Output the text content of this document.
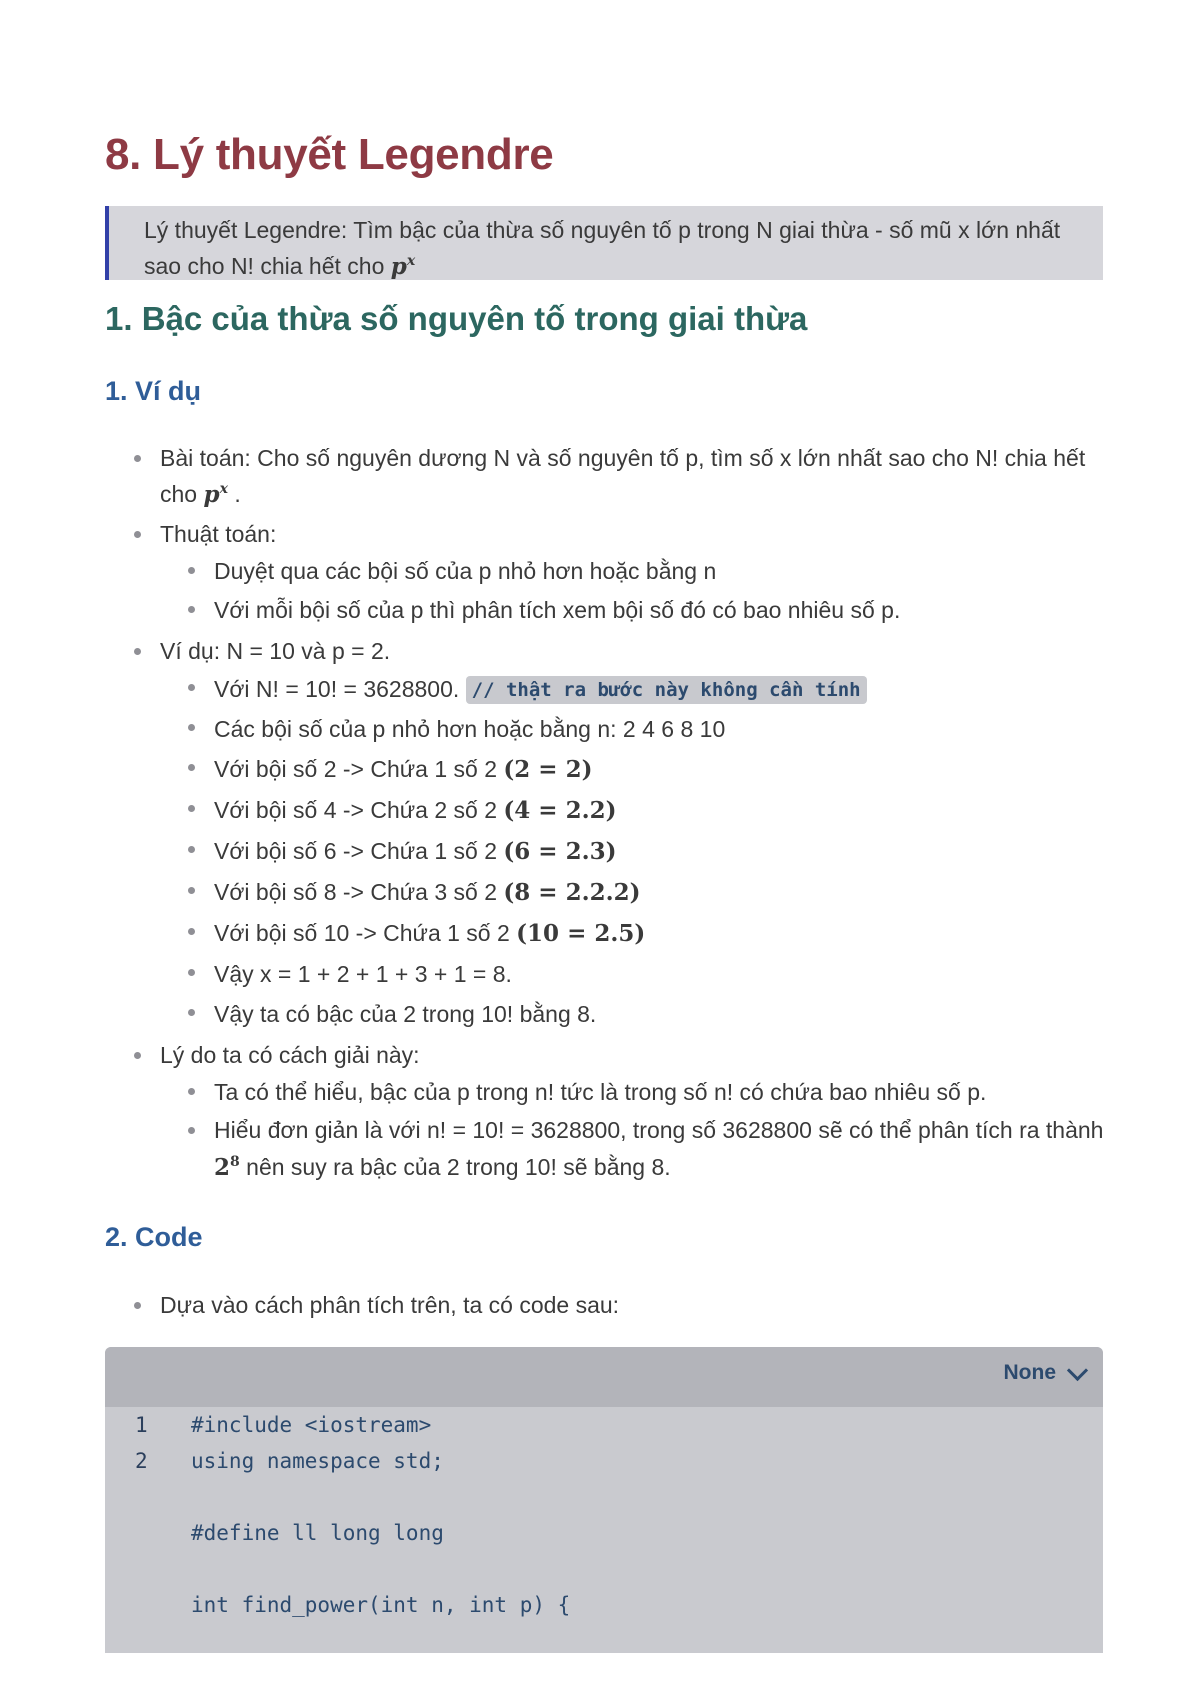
8. Lý thuyết Legendre
Lý thuyết Legendre: Tìm bậc của thừa số nguyên tố p trong N giai thừa - số mũ x lớn nhất sao cho N! chia hết cho $p^x$
1. Bậc của thừa số nguyên tố trong giai thừa
1. Ví dụ
Bài toán: Cho số nguyên dương N và số nguyên tố p, tìm số x lớn nhất sao cho N! chia hết cho $p^x$ .
Thuật toán:
Duyệt qua các bội số của p nhỏ hơn hoặc bằng n
Với mỗi bội số của p thì phân tích xem bội số đó có bao nhiêu số p.
Ví dụ: N = 10 và p = 2.
Với N! = 10! = 3628800. // thật ra bước này không cần tính
Các bội số của p nhỏ hơn hoặc bằng n: 2 4 6 8 10
Với bội số 2 -> Chứa 1 số 2 (2 = 2)
Với bội số 4 -> Chứa 2 số 2 (4 = 2.2)
Với bội số 6 -> Chứa 1 số 2 (6 = 2.3)
Với bội số 8 -> Chứa 3 số 2 (8 = 2.2.2)
Với bội số 10 -> Chứa 1 số 2 (10 = 2.5)
Vậy x = 1 + 2 + 1 + 3 + 1 = 8.
Vậy ta có bậc của 2 trong 10! bằng 8.
Lý do ta có cách giải này:
Ta có thể hiểu, bậc của p trong n! tức là trong số n! có chứa bao nhiêu số p.
Hiểu đơn giản là với n! = 10! = 3628800, trong số 3628800 sẽ có thể phân tích ra thành $2^8$ nên suy ra bậc của 2 trong 10! sẽ bằng 8.
2. Code
Dựa vào cách phân tích trên, ta có code sau:
None
1 #include <iostream>
2 using namespace std;
#define ll long long
int find_power(int n, int p) {
